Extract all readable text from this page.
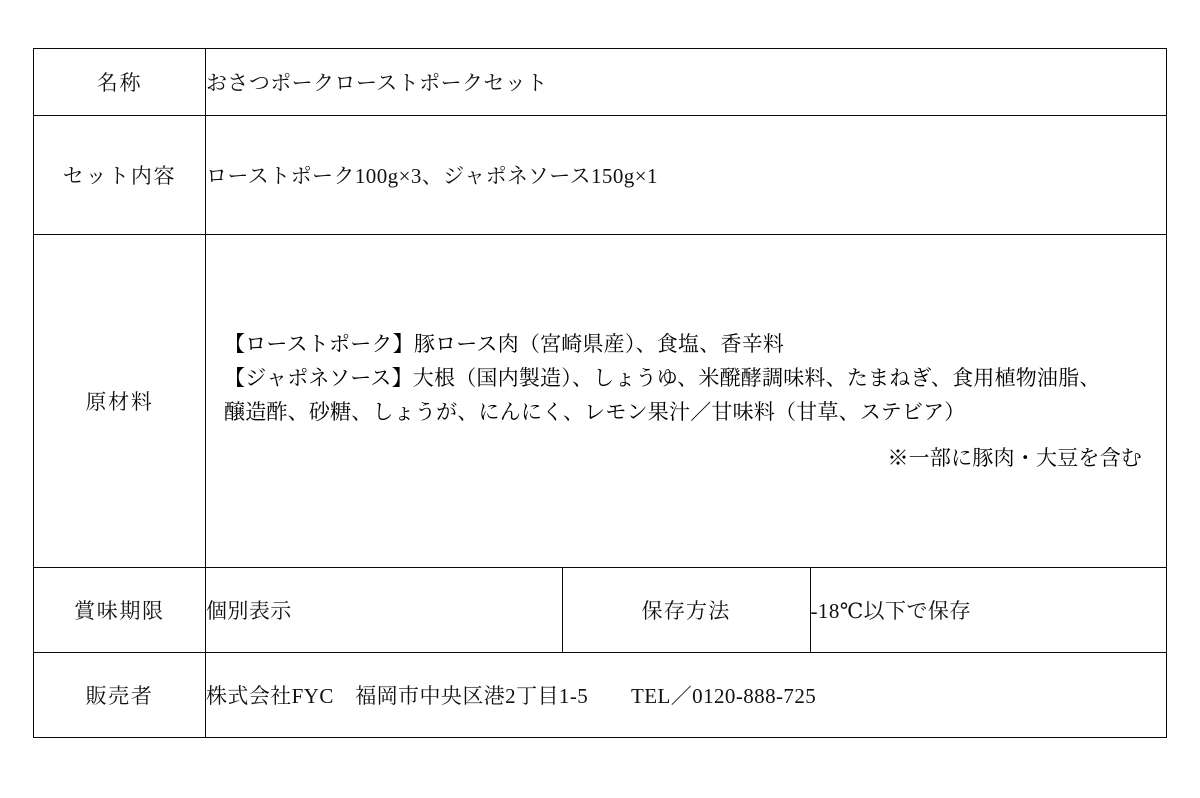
名称	おさつポークローストポークセット		
セット内容	ローストポーク100g×3、ジャポネソース150g×1		
原材料	【ローストポーク】豚ロース肉（宮崎県産）、食塩、香辛料
【ジャポネソース】大根（国内製造）、しょうゆ、米醗酵調味料、たまねぎ、食用植物油脂、
醸造酢、砂糖、しょうが、にんにく、レモン果汁／甘味料（甘草、ステビア）
※一部に豚肉・大豆を含む		

賞味期限	個別表示	保存方法	-18℃以下で保存
販売者	株式会社FYC　福岡市中央区港2丁目1-5　　TEL／0120-888-725		
